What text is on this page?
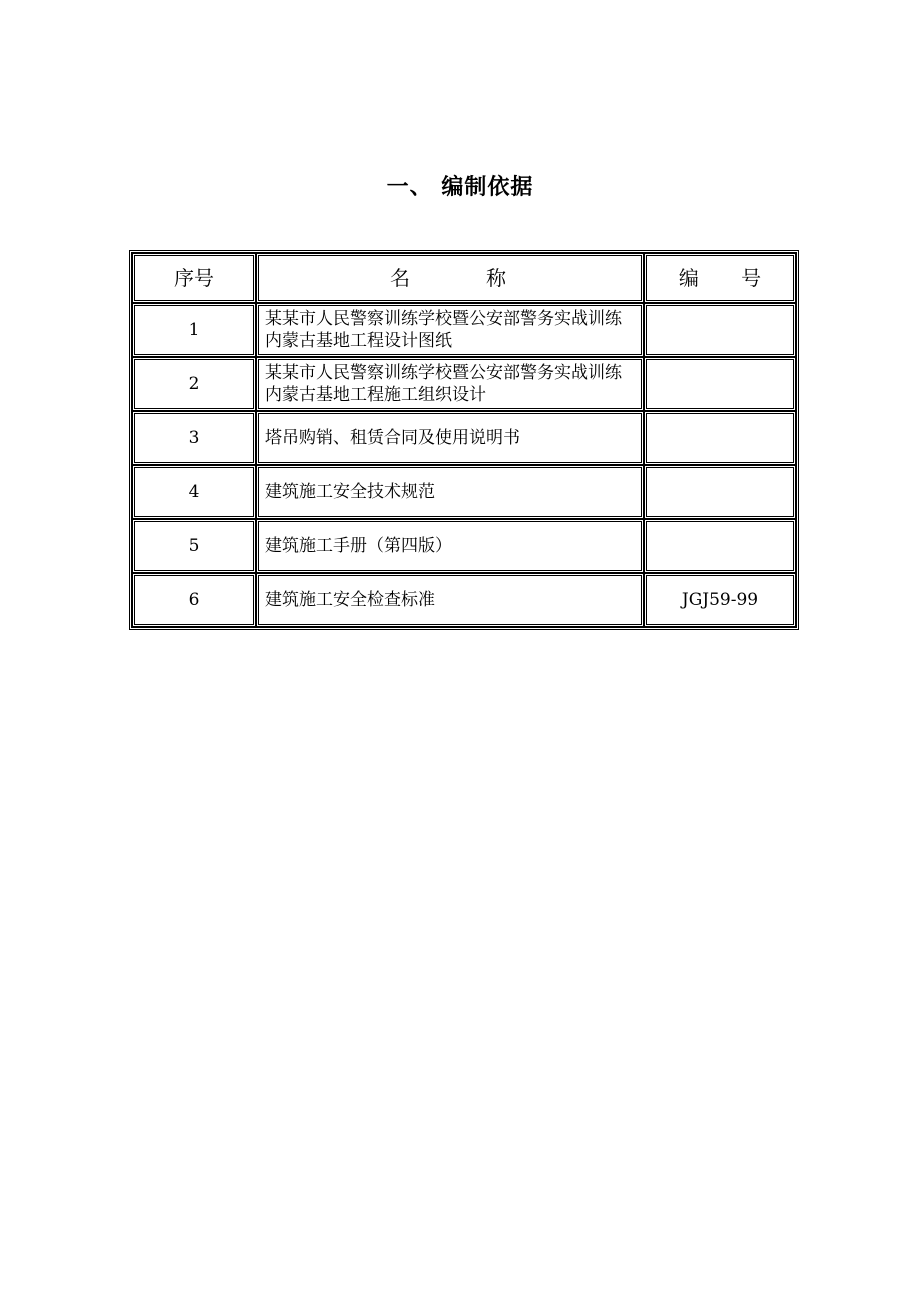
一、 编制依据
序号	名　称	编 号
1	某某市人民警察训练学校暨公安部警务实战训练内蒙古基地工程设计图纸	
2	某某市人民警察训练学校暨公安部警务实战训练内蒙古基地工程施工组织设计	
3	塔吊购销、租赁合同及使用说明书	
4	建筑施工安全技术规范	
5	建筑施工手册（第四版）	
6	建筑施工安全检查标准	JGJ59-99
